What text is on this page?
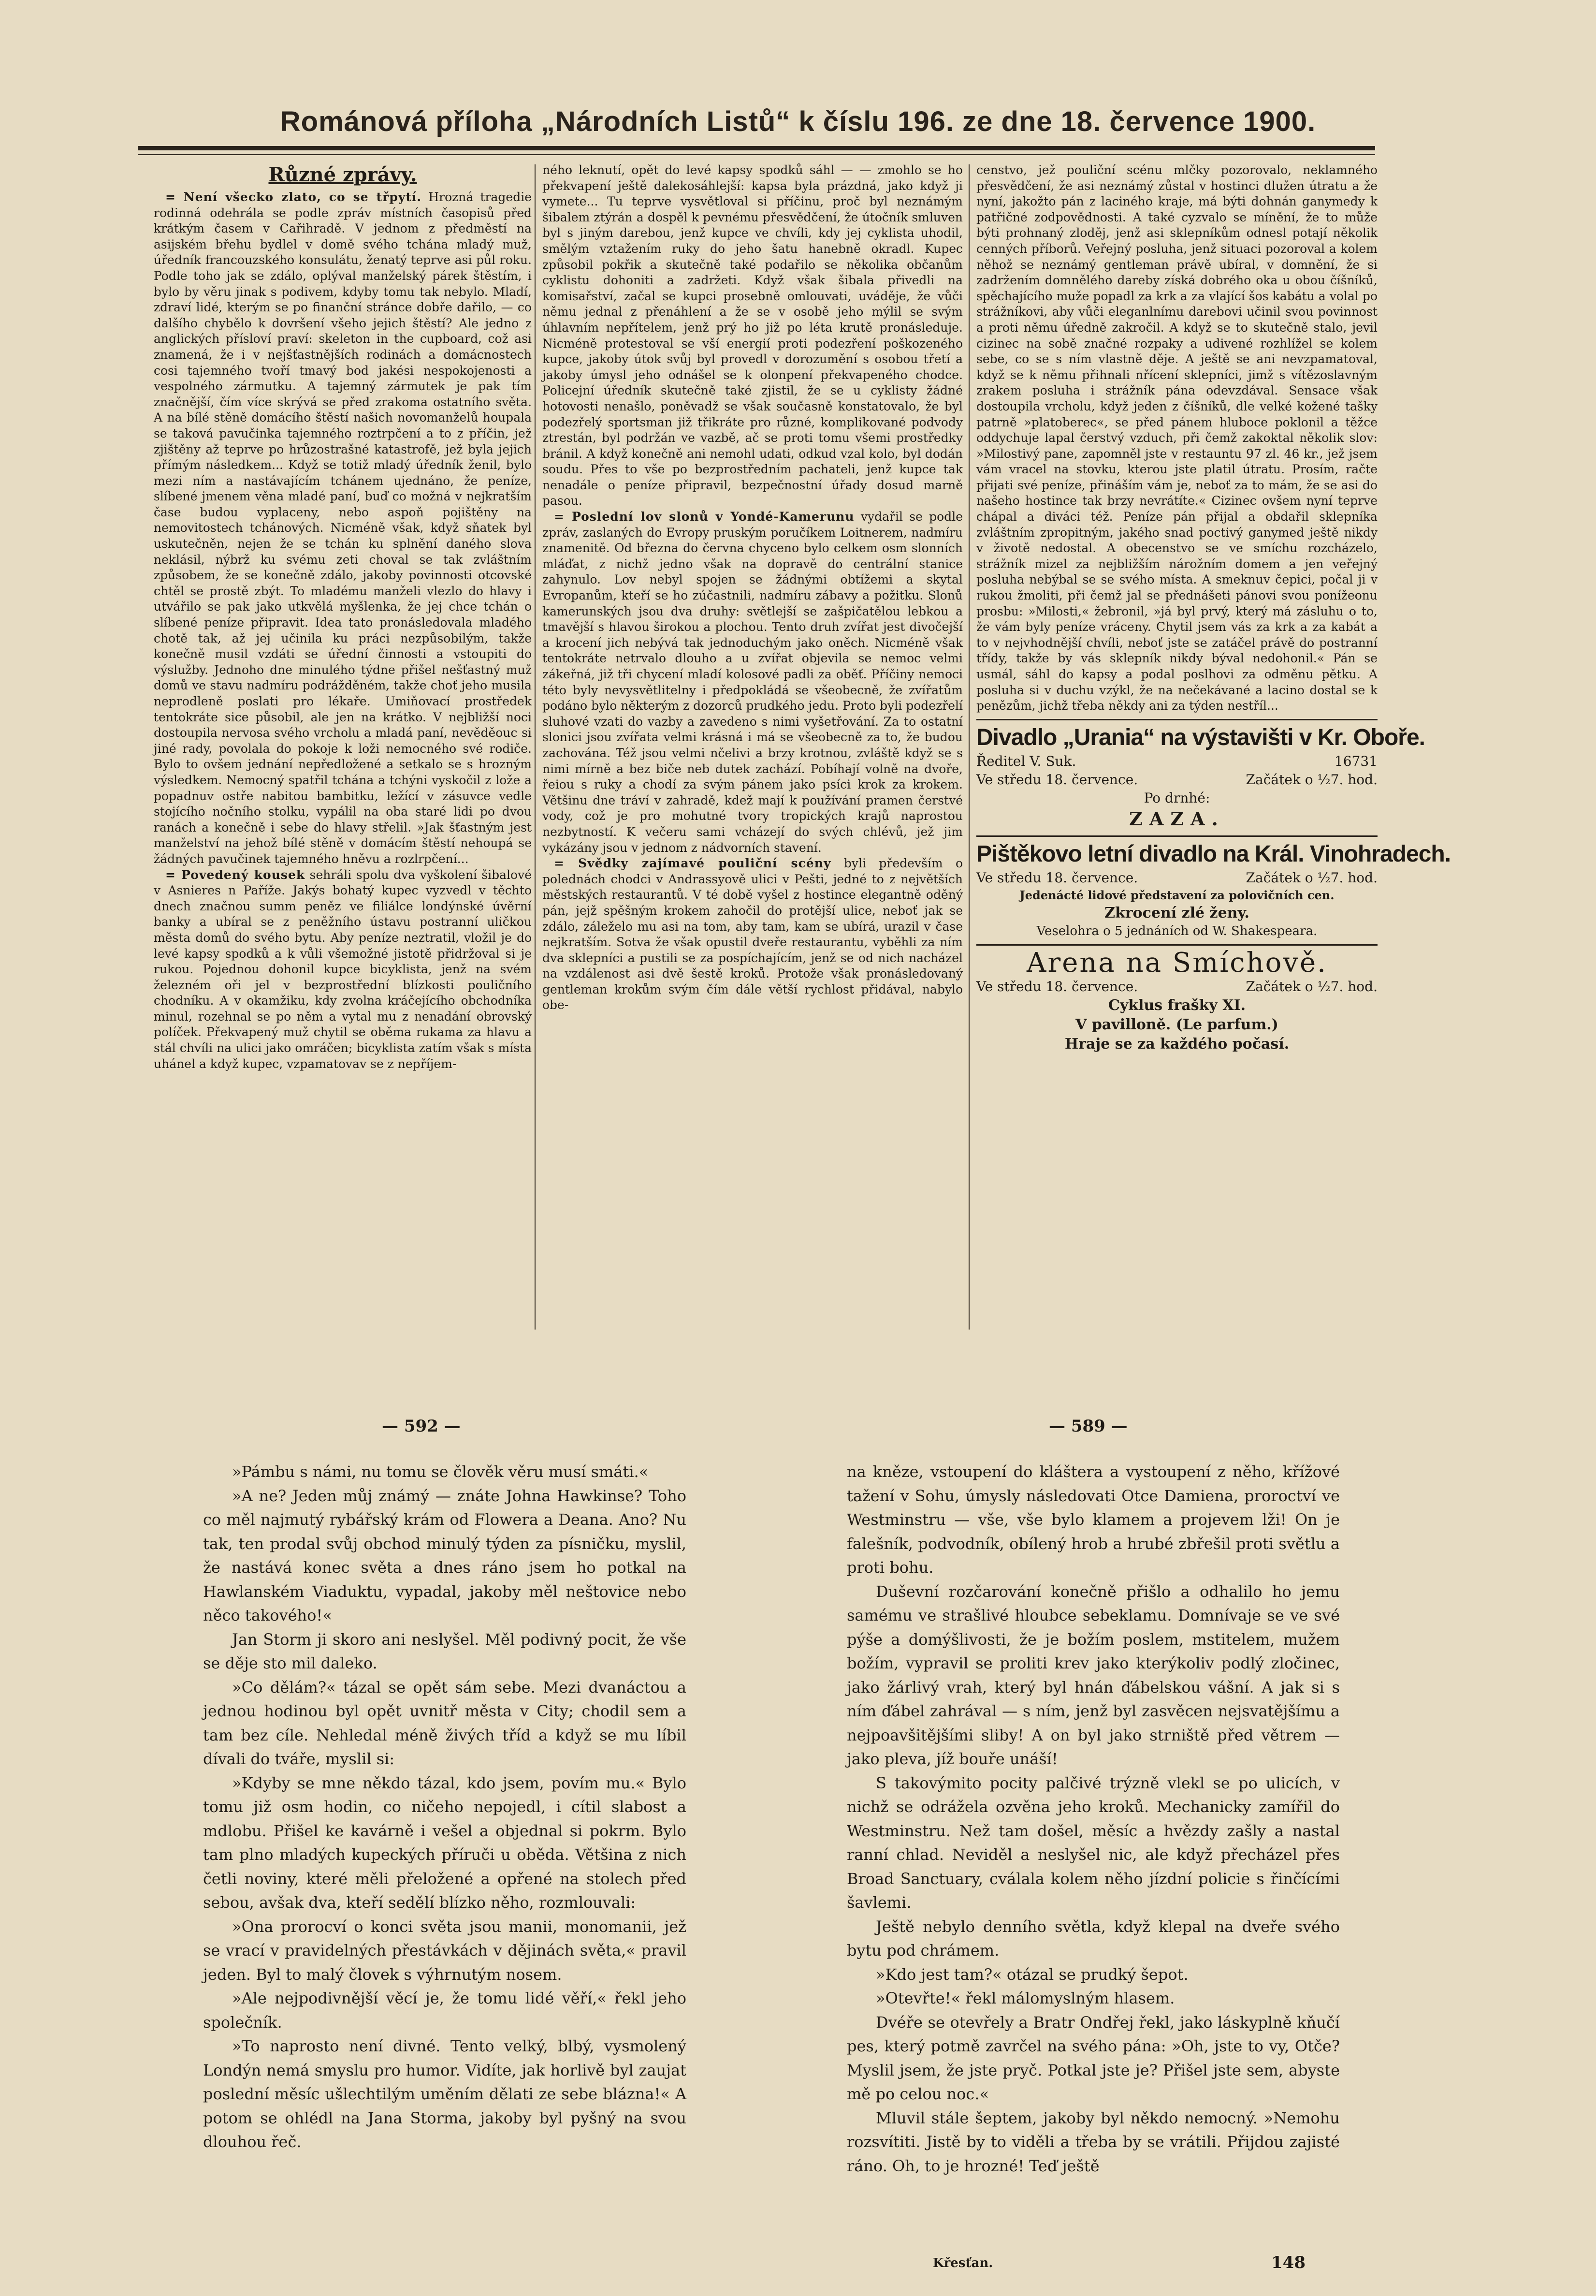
Románová příloha „Národních Listů“ k číslu 196. ze dne 18. července 1900.
Různé zprávy.

= Není všecko zlato, co se třpytí. Hrozná tragedie rodinná odehrála se podle zpráv místních časopisů před krátkým časem v Cařihradě. V jednom z předměstí na asijském břehu bydlel v domě svého tchána mladý muž, úředník francouzského konsulátu, ženatý teprve asi půl roku. Podle toho jak se zdálo, oplýval manželský párek štěstím, i bylo by věru jinak s podivem, kdyby tomu tak nebylo. Mladí, zdraví lidé, kterým se po finanční stránce dobře dařilo, — co dalšího chybělo k dovršení všeho jejich štěstí? Ale jedno z anglických přísloví praví: skeleton in the cupboard, což asi znamená, že i v nejšťastnějších rodinách a domácnostech cosi tajemného tvoří tmavý bod jakési nespokojenosti a vespolného zármutku. A tajemný zármutek je pak tím značnější, čím více skrývá se před zrakoma ostatního světa. A na bílé stěně domácího štěstí našich novomanželů houpala se taková pavučinka tajemného roztrpčení a to z příčin, jež zjištěny až teprve po hrůzostrašné katastrofě, jež byla jejich přímým následkem... Když se totiž mladý úředník ženil, bylo mezi ním a nastávajícím tchánem ujednáno, že peníze, slíbené jmenem věna mladé paní, buď co možná v nejkratším čase budou vyplaceny, nebo aspoň pojištěny na nemovitostech tchánových. Nicméně však, když sňatek byl uskutečněn, nejen že se tchán ku splnění daného slova neklásil, nýbrž ku svému zeti choval se tak zvláštním způsobem, že se konečně zdálo, jakoby povinnosti otcovské chtěl se prostě zbýt. To mladému manželi vlezlo do hlavy i utvářilo se pak jako utkvělá myšlenka, že jej chce tchán o slíbené peníze připravit. Idea tato pronásledovala mladého chotě tak, až jej učinila ku práci nezpůsobilým, takže konečně musil vzdáti se úřední činnosti a vstoupiti do výslužby. Jednoho dne minulého týdne přišel nešťastný muž domů ve stavu nadmíru podrážděném, takže choť jeho musila neprodleně poslati pro lékaře. Umiňovací prostředek tentokráte sice působil, ale jen na krátko. V nejbližší noci dostoupila nervosa svého vrcholu a mladá paní, nevěděouc si jiné rady, povolala do pokoje k loži nemocného své rodiče. Bylo to ovšem jednání nepředložené a setkalo se s hrozným výsledkem. Nemocný spatřil tchána a tchýni vyskočil z lože a popadnuv ostře nabitou bambitku, ležící v zásuvce vedle stojícího nočního stolku, vypálil na oba staré lidi po dvou ranách a konečně i sebe do hlavy střelil. »Jak šťastným jest manželství na jehož bílé stěně v domácím štěstí nehoupá se žádných pavučinek tajemného hněvu a rozlrpčení...

= Povedený kousek sehráli spolu dva vyškolení šibalové v Asnieres n Paříže. Jakýs bohatý kupec vyzvedl v těchto dnech značnou summ peněz ve filiálce londýnské úvěrní banky a ubíral se z peněžního ústavu postranní uličkou města domů do svého bytu. Aby peníze neztratil, vložil je do levé kapsy spodků a k vůli všemožné jistotě přidržoval si je rukou. Pojednou dohonil kupce bicyklista, jenž na svém železném oři jel v bezprostřední blízkosti pouličního chodníku. A v okamžiku, kdy zvolna kráčejícího obchodníka minul, rozehnal se po něm a vytal mu z nenadání obrovský políček. Překvapený muž chytil se oběma rukama za hlavu a stál chvíli na ulici jako omráčen; bicyklista zatím však s místa uhánel a když kupec, vzpamatovav se z nepříjem-

ného leknutí, opět do levé kapsy spodků sáhl — — zmohlo se ho překvapení ještě dalekosáhlejší: kapsa byla prázdná, jako když ji vymete... Tu teprve vysvětloval si příčinu, proč byl neznámým šibalem ztýrán a dospěl k pevnému přesvědčení, že útočník smluven byl s jiným darebou, jenž kupce ve chvíli, kdy jej cyklista uhodil, smělým vztažením ruky do jeho šatu hanebně okradl. Kupec způsobil pokřik a skutečně také podařilo se několika občanům cyklistu dohoniti a zadržeti. Když však šibala přivedli na komisařství, začal se kupci prosebně omlouvati, uváděje, že vůči němu jednal z přenáhlení a že se v osobě jeho mýlil se svým úhlavním nepřítelem, jenž prý ho již po léta krutě pronásleduje. Nicméně protestoval se vší energií proti podezření poškozeného kupce, jakoby útok svůj byl provedl v dorozumění s osobou třetí a jakoby úmysl jeho odnášel se k olonpení překvapeného chodce. Policejní úředník skutečně také zjistil, že se u cyklisty žádné hotovosti nenašlo, poněvadž se však současně konstatovalo, že byl podezřelý sportsman již třikráte pro různé, komplikované podvody ztrestán, byl podržán ve vazbě, ač se proti tomu všemi prostředky bránil. A když konečně ani nemohl udati, odkud vzal kolo, byl dodán soudu. Přes to vše po bezprostředním pachateli, jenž kupce tak nenadále o peníze připravil, bezpečnostní úřady dosud marně pasou.

= Poslední lov slonů v Yondé-Kamerunu vydařil se podle zpráv, zaslaných do Evropy pruským poručíkem Loitnerem, nadmíru znamenitě. Od března do června chyceno bylo celkem osm slonních mláďat, z nichž jedno však na dopravě do centrální stanice zahynulo. Lov nebyl spojen se žádnými obtížemi a skytal Evropanům, kteří se ho zúčastnili, nadmíru zábavy a požitku. Slonů kamerunských jsou dva druhy: světlejší se zašpičatělou lebkou a tmavější s hlavou širokou a plochou. Tento druh zvířat jest divočejší a krocení jich nebývá tak jednoduchým jako oněch. Nicméně však tentokráte netrvalo dlouho a u zvířat objevila se nemoc velmi zákeřná, již tři chycení mladí kolosové padli za oběť. Příčiny nemoci této byly nevysvětlitelny i předpokládá se všeobecně, že zvířatům podáno bylo některým z dozorců prudkého jedu. Proto byli podezřelí sluhové vzati do vazby a zavedeno s nimi vyšetřování. Za to ostatní slonici jsou zvířata velmi krásná i má se všeobecně za to, že budou zachována. Též jsou velmi nčelivi a brzy krotnou, zvláště když se s nimi mírně a bez biče neb dutek zachází. Pobíhají volně na dvoře, řeiou s ruky a chodí za svým pánem jako psíci krok za krokem. Většinu dne tráví v zahradě, kdež mají k používání pramen čerstvé vody, což je pro mohutné tvory tropických krajů naprostou nezbytností. K večeru sami vcházejí do svých chlévů, jež jim vykázány jsou v jednom z nádvorních stavení.

= Svědky zajímavé pouliční scény byli především o polednách chodci v Andrassyově ulici v Pešti, jedné to z největších městských restaurantů. V té době vyšel z hostince elegantně oděný pán, jejž spěšným krokem zahočil do protější ulice, neboť jak se zdálo, záleželo mu asi na tom, aby tam, kam se ubírá, urazil v čase nejkratším. Sotva že však opustil dveře restaurantu, vyběhli za ním dva sklepníci a pustili se za pospíchajícím, jenž se od nich nacházel na vzdálenost asi dvě šestě kroků. Protože však pronásledovaný gentleman krokům svým čím dále větší rychlost přidával, nabylo obe-

censtvo, jež pouliční scénu mlčky pozorovalo, neklamného přesvědčení, že asi neznámý zůstal v hostinci dlužen útratu a že nyní, jakožto pán z laciného kraje, má býti dohnán ganymedy k patřičné zodpovědnosti. A také cyzvalo se mínění, že to může býti prohnaný zloděj, jenž asi sklepníkům odnesl potají několik cenných příborů. Veřejný posluha, jenž situaci pozoroval a kolem něhož se neznámý gentleman právě ubíral, v domnění, že si zadržením domnělého dareby získá dobrého oka u obou číšníků, spěchajícího muže popadl za krk a za vlající šos kabátu a volal po strážníkovi, aby vůči eleganlnímu darebovi učinil svou povinnost a proti němu úředně zakročil. A když se to skutečně stalo, jevil cizinec na sobě značné rozpaky a udivené rozhlížel se kolem sebe, co se s ním vlastně děje. A ještě se ani nevzpamatoval, když se k němu přihnali nřícení sklepníci, jimž s vítězoslavným zrakem posluha i strážník pána odevzdával. Sensace však dostoupila vrcholu, když jeden z číšníků, dle velké kožené tašky patrně »platoberec«, se před pánem hluboce poklonil a těžce oddychuje lapal čerstvý vzduch, při čemž zakoktal několik slov: »Milostivý pane, zapomněl jste v restauntu 97 zl. 46 kr., jež jsem vám vracel na stovku, kterou jste platil útratu. Prosím, račte přijati své peníze, přináším vám je, neboť za to mám, že se asi do našeho hostince tak brzy nevrátíte.« Cizinec ovšem nyní teprve chápal a diváci též. Peníze pán přijal a obdařil sklepníka zvláštním zpropitným, jakého snad poctivý ganymed ještě nikdy v životě nedostal. A obecenstvo se ve smíchu rozcházelo, strážník mizel za nejbližším nárožním domem a jen veřejný posluha nebýbal se se svého místa. A smeknuv čepici, počal ji v rukou žmoliti, při čemž jal se přednášeti pánovi svou ponížeonu prosbu: »Milosti,« žebronil, »já byl prvý, který má zásluhu o to, že vám byly peníze vráceny. Chytil jsem vás za krk a za kabát a to v nejvhodnější chvíli, neboť jste se zatáčel právě do postranní třídy, takže by vás sklepník nikdy býval nedohonil.« Pán se usmál, sáhl do kapsy a podal poslhovi za odměnu pětku. A posluha si v duchu vzýkl, že na nečekávané a lacino dostal se k penězům, jichž třeba někdy ani za týden nestříl...

Divadlo „Urania“ na výstavišti v Kr. Oboře.
Ředitel V. Suk.	16731
Ve středu 18. července.	Začátek o ½7. hod.
Po drnhé:
ZAZA.
Pištěkovo letní divadlo na Král. Vinohradech.
Ve středu 18. července.	Začátek o ½7. hod.
Jedenácté lidové představení za polovičních cen.
Zkrocení zlé ženy.
Veselohra o 5 jednáních od W. Shakespeara.
Arena na Smíchově.
Ve středu 18. července.	Začátek o ½7. hod.
Cyklus frašky XI.
V pavilloně. (Le parfum.)
Hraje se za každého počasí.
— 592 —	— 589 —

»Pámbu s námi, nu tomu se člověk věru musí smáti.«

»A ne? Jeden můj známý — znáte Johna Hawkinse? Toho co měl najmutý rybářský krám od Flowera a Deana. Ano? Nu tak, ten prodal svůj obchod minulý týden za písničku, myslil, že nastává konec světa a dnes ráno jsem ho potkal na Hawlanském Viaduktu, vypadal, jakoby měl neštovice nebo něco takového!«

Jan Storm ji skoro ani neslyšel. Měl podivný pocit, že vše se děje sto mil daleko.

»Co dělám?« tázal se opět sám sebe. Mezi dvanáctou a jednou hodinou byl opět uvnitř města v City; chodil sem a tam bez cíle. Nehledal méně živých tříd a když se mu líbil dívali do tváře, myslil si:

»Kdyby se mne někdo tázal, kdo jsem, povím mu.« Bylo tomu již osm hodin, co ničeho nepojedl, i cítil slabost a mdlobu. Přišel ke kavárně i vešel a objednal si pokrm. Bylo tam plno mladých kupeckých příruči u oběda. Většina z nich četli noviny, které měli přeložené a opřené na stolech před sebou, avšak dva, kteří sedělí blízko něho, rozmlouvali:

»Ona prorocví o konci světa jsou manii, monomanii, jež se vrací v pravidelných přestávkách v dějinách světa,« pravil jeden. Byl to malý človek s výhrnutým nosem.

»Ale nejpodivnější věcí je, že tomu lidé věří,« řekl jeho společník.

»To naprosto není divné. Tento velký, blbý, vysmolený Londýn nemá smyslu pro humor. Vidíte, jak horlivě byl zaujat poslední měsíc ušlechtilým uměním dělati ze sebe blázna!« A potom se ohlédl na Jana Storma, jakoby byl pyšný na svou dlouhou řeč.

na kněze, vstoupení do kláštera a vystoupení z něho, křížové tažení v Sohu, úmysly následovati Otce Damiena, proroctví ve Westminstru — vše, vše bylo klamem a projevem lži! On je falešník, podvodník, obílený hrob a hrubé zbřešil proti světlu a proti bohu.

Duševní rozčarování konečně přišlo a odhalilo ho jemu samému ve strašlivé hloubce sebeklamu. Domnívaje se ve své pýše a domýšlivosti, že je božím poslem, mstitelem, mužem božím, vypravil se proliti krev jako kterýkoliv podlý zločinec, jako žárlivý vrah, který byl hnán ďábelskou vášní. A jak si s ním ďábel zahrával — s ním, jenž byl zasvěcen nejsvatějšímu a nejpoavšitějšími sliby! A on byl jako strniště před větrem — jako pleva, jíž bouře unáší!

S takovýmito pocity palčivé trýzně vlekl se po ulicích, v nichž se odrážela ozvěna jeho kroků. Mechanicky zamířil do Westminstru. Než tam došel, měsíc a hvězdy zašly a nastal ranní chlad. Neviděl a neslyšel nic, ale když přecházel přes Broad Sanctuary, cválala kolem něho jízdní policie s řinčícími šavlemi.

Ještě nebylo denního světla, když klepal na dveře svého bytu pod chrámem.

»Kdo jest tam?« otázal se prudký šepot.

»Otevřte!« řekl málomyslným hlasem.

Dvéře se otevřely a Bratr Ondřej řekl, jako láskyplně kňučí pes, který potmě zavrčel na svého pána: »Oh, jste to vy, Otče? Myslil jsem, že jste pryč. Potkal jste je? Přišel jste sem, abyste mě po celou noc.«

Mluvil stále šeptem, jakoby byl někdo nemocný. »Nemohu rozsvítiti. Jistě by to viděli a třeba by se vrátili. Přijdou zajisté ráno. Oh, to je hrozné! Teď ještě

Křesťan.	148
